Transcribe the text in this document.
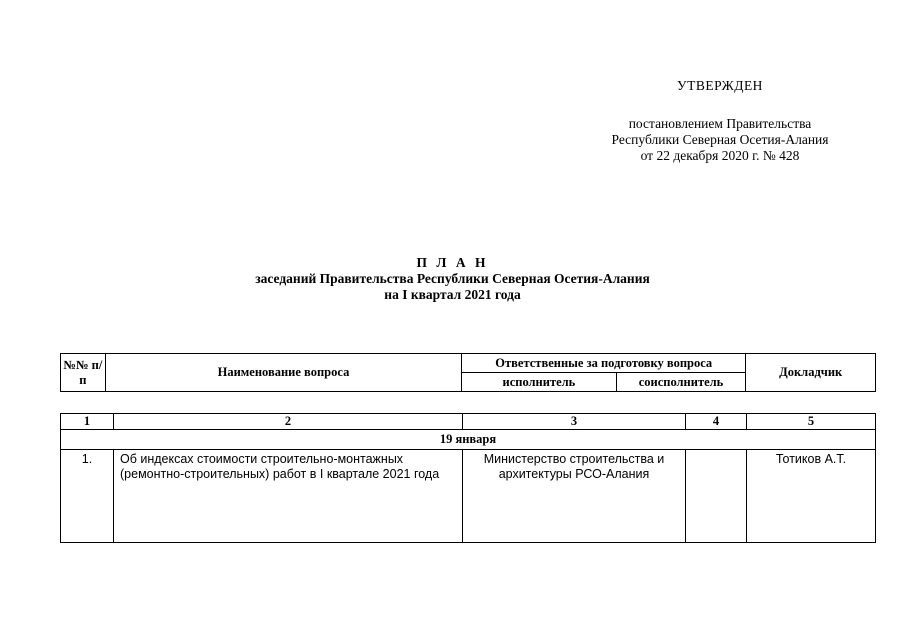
УТВЕРЖДЕН
постановлением Правительства
Республики Северная Осетия-Алания
от 22 декабря 2020 г. № 428
П Л А Н
заседаний Правительства Республики Северная Осетия-Алания
на I квартал 2021 года
№№ п/п	Наименование вопроса	Ответственные за подготовку вопроса		Докладчик
		исполнитель	соисполнитель	
1	2	3	4	5
19 января				
1.	Об индексах стоимости строительно-монтажных (ремонтно-строительных) работ в I квартале 2021 года	Министерство строительства и архитектуры РСО-Алания		Тотиков А.Т.
